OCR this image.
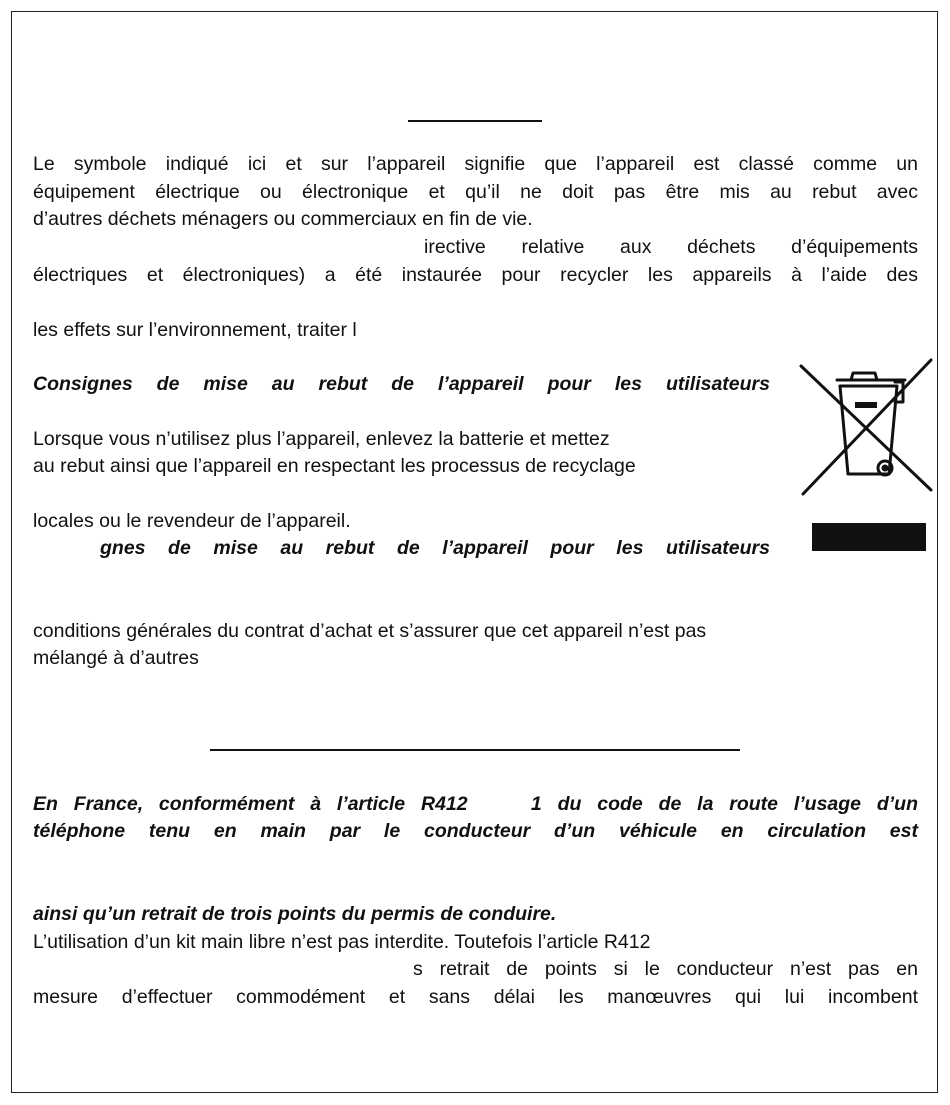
Le symbole indiqué ici et sur l’appareil signifie que l’appareil est classé comme un
équipement électrique ou électronique et qu’il ne doit pas être mis au rebut avec
d’autres déchets ménagers ou commerciaux en fin de vie.
irective relative aux déchets d’équipements
électriques et électroniques) a été instaurée pour recycler les appareils à l’aide des
les effets sur l’environnement, traiter l
Consignes de mise au rebut de l’appareil pour les utilisateurs
Lorsque vous n’utilisez plus l’appareil, enlevez la batterie et mettez
au rebut ainsi que l’appareil en respectant les processus de recyclage
locales ou le revendeur de l’appareil.
gnes de mise au rebut de l’appareil pour les utilisateurs
conditions générales du contrat d’achat et s’assurer que cet appareil n’est pas
mélangé à d’autres
En France, conformément à l’article R412    1 du code de la route l’usage d’un
téléphone tenu en main par le conducteur d’un véhicule en circulation est
ainsi qu’un retrait de trois points du permis de conduire.
L’utilisation d’un kit main libre n’est pas interdite. Toutefois l’article R412
s retrait de points si le conducteur n’est pas en
mesure d’effectuer commodément et sans délai les manœuvres qui lui incombent
